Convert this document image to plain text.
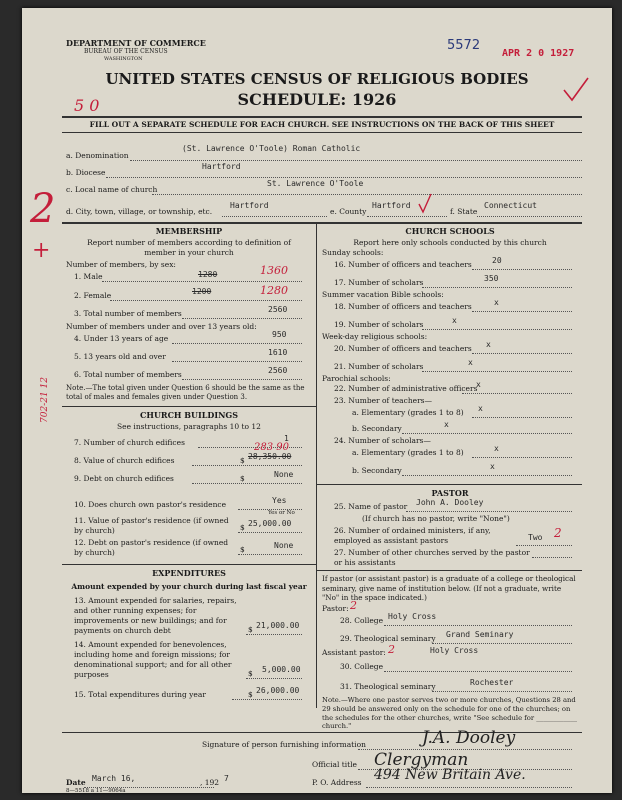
DEPARTMENT OF COMMERCE
BUREAU OF THE CENSUS
WASHINGTON
5572
APR 2 0 1927
UNITED STATES CENSUS OF RELIGIOUS BODIES
SCHEDULE: 1926
5 0
FILL OUT A SEPARATE SCHEDULE FOR EACH CHURCH. SEE INSTRUCTIONS ON THE BACK OF THIS SHEET
a. Denomination
(St. Lawrence O'Toole) Roman Catholic
b. Diocese
Hartford
c. Local name of church
St. Lawrence O'Toole
d. City, town, village, or township, etc.
Hartford
e. County
Hartford
f. State
Connecticut
2
+
MEMBERSHIP
Report number of members according to definition of member in your church
Number of members, by sex:
1. Male	1280	1360
2. Female	1200	1280
3. Total number of members	2560
Number of members under and over 13 years old:
4. Under 13 years of age	950
5. 13 years old and over	1610
6. Total number of members	2560
Note.—The total given under Question 6 should be the same as the total of males and females given under Question 3.
CHURCH BUILDINGS
See instructions, paragraphs 10 to 12
702-21 12
7. Number of church edifices	1
8. Value of church edifices	$ 28,350.00
283 90
9. Debt on church edifices	$	None
10. Does church own pastor's residence	Yes
Yes or No
11. Value of pastor's residence (if owned by church)	$ 25,000.00
12. Debt on pastor's residence (if owned by church)	$	None
EXPENDITURES
Amount expended by your church during last fiscal year
13. Amount expended for salaries, repairs, and other running expenses; for improvements or new buildings; and for payments on church debt	$ 21,000.00
14. Amount expended for benevolences, including home and foreign missions; for denominational support; and for all other purposes	$ 5,000.00
15. Total expenditures during year	$ 26,000.00
CHURCH SCHOOLS
Report here only schools conducted by this church
Sunday schools:
16. Number of officers and teachers	20
17. Number of scholars	350
Summer vacation Bible schools:
18. Number of officers and teachers	x
19. Number of scholars	x
Week-day religious schools:
20. Number of officers and teachers x
21. Number of scholars	x
Parochial schools:
22. Number of administrative officers
x
23. Number of teachers—
a. Elementary (grades 1 to 8) x
b. Secondary	x
24. Number of scholars—
a. Elementary (grades 1 to 8)	x
b. Secondary	x
PASTOR
25. Name of pastor John A. Dooley
(If church has no pastor, write "None")
26. Number of ordained ministers, if any, employed as assistant pastors	Two 2
27. Number of other churches served by the pastor or his assistants
If pastor (or assistant pastor) is a graduate of a college or theological seminary, give name of institution below. (If not a graduate, write "No" in the space indicated.)
Pastor: 2
28. College Holy Cross
29. Theological seminary Grand Seminary
Assistant pastor: 2	Holy Cross
30. College
31. Theological seminary	Rochester
Note.—Where one pastor serves two or more churches, Questions 28 and 29 should be answered only on the schedule for one of the churches; on the schedules for the other churches, write "See schedule for ____________ church."
Signature of person furnishing information	J.A. Dooley
Official title Clergyman
Date March 16,	, 192 7
8—5518 a 11—9064a
P. O. Address 494 New Britain Ave.
